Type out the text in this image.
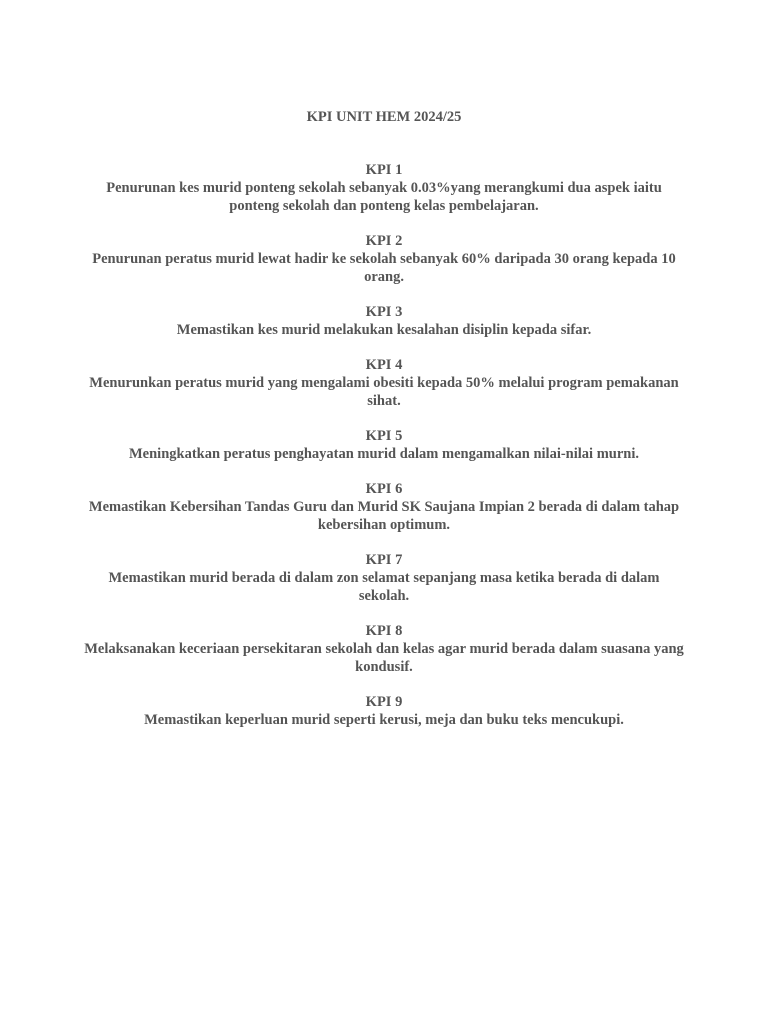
KPI UNIT HEM 2024/25
KPI 1
Penurunan kes murid ponteng sekolah sebanyak 0.03%yang merangkumi dua aspek iaitu ponteng sekolah dan ponteng kelas pembelajaran.
KPI 2
Penurunan peratus murid lewat hadir ke sekolah sebanyak 60% daripada 30 orang kepada 10 orang.
KPI 3
Memastikan kes murid melakukan kesalahan disiplin kepada sifar.
KPI 4
Menurunkan peratus murid yang mengalami obesiti kepada 50% melalui program pemakanan sihat.
KPI 5
Meningkatkan peratus penghayatan murid dalam mengamalkan nilai-nilai murni.
KPI 6
Memastikan Kebersihan Tandas Guru dan Murid SK Saujana Impian 2 berada di dalam tahap kebersihan optimum.
KPI 7
Memastikan murid berada di dalam zon selamat sepanjang masa ketika berada di dalam sekolah.
KPI 8
Melaksanakan keceriaan persekitaran sekolah dan kelas agar murid berada dalam suasana yang kondusif.
KPI 9
Memastikan keperluan murid seperti kerusi, meja dan buku teks mencukupi.
